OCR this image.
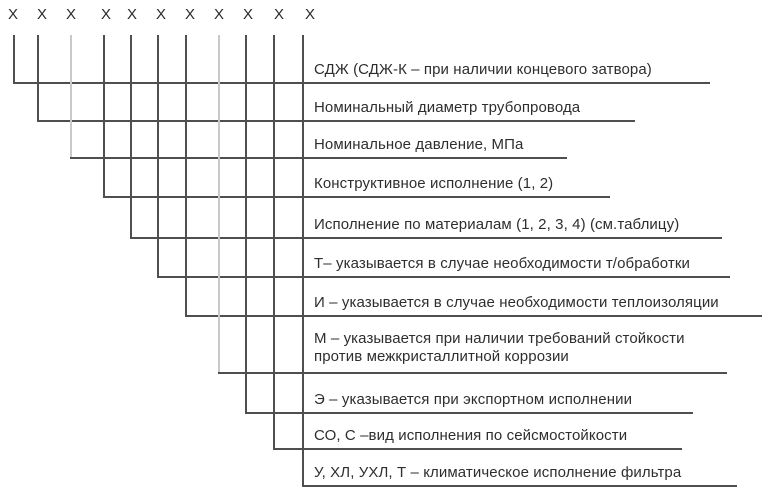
Х Х Х Х Х Х Х Х Х Х Х
СДЖ (СДЖ-К – при наличии концевого затвора)
Номинальный диаметр трубопровода
Номинальное давление, МПа
Конструктивное исполнение (1, 2)
Исполнение по материалам (1, 2, 3, 4) (см.таблицу)
Т– указывается в случае необходимости т/обработки
И – указывается в случае необходимости теплоизоляции
М – указывается при наличии требований стойкости
против межкристаллитной коррозии
Э – указывается при экспортном исполнении
СО, С –вид исполнения по сейсмостойкости
У, ХЛ, УХЛ, Т – климатическое исполнение фильтра
